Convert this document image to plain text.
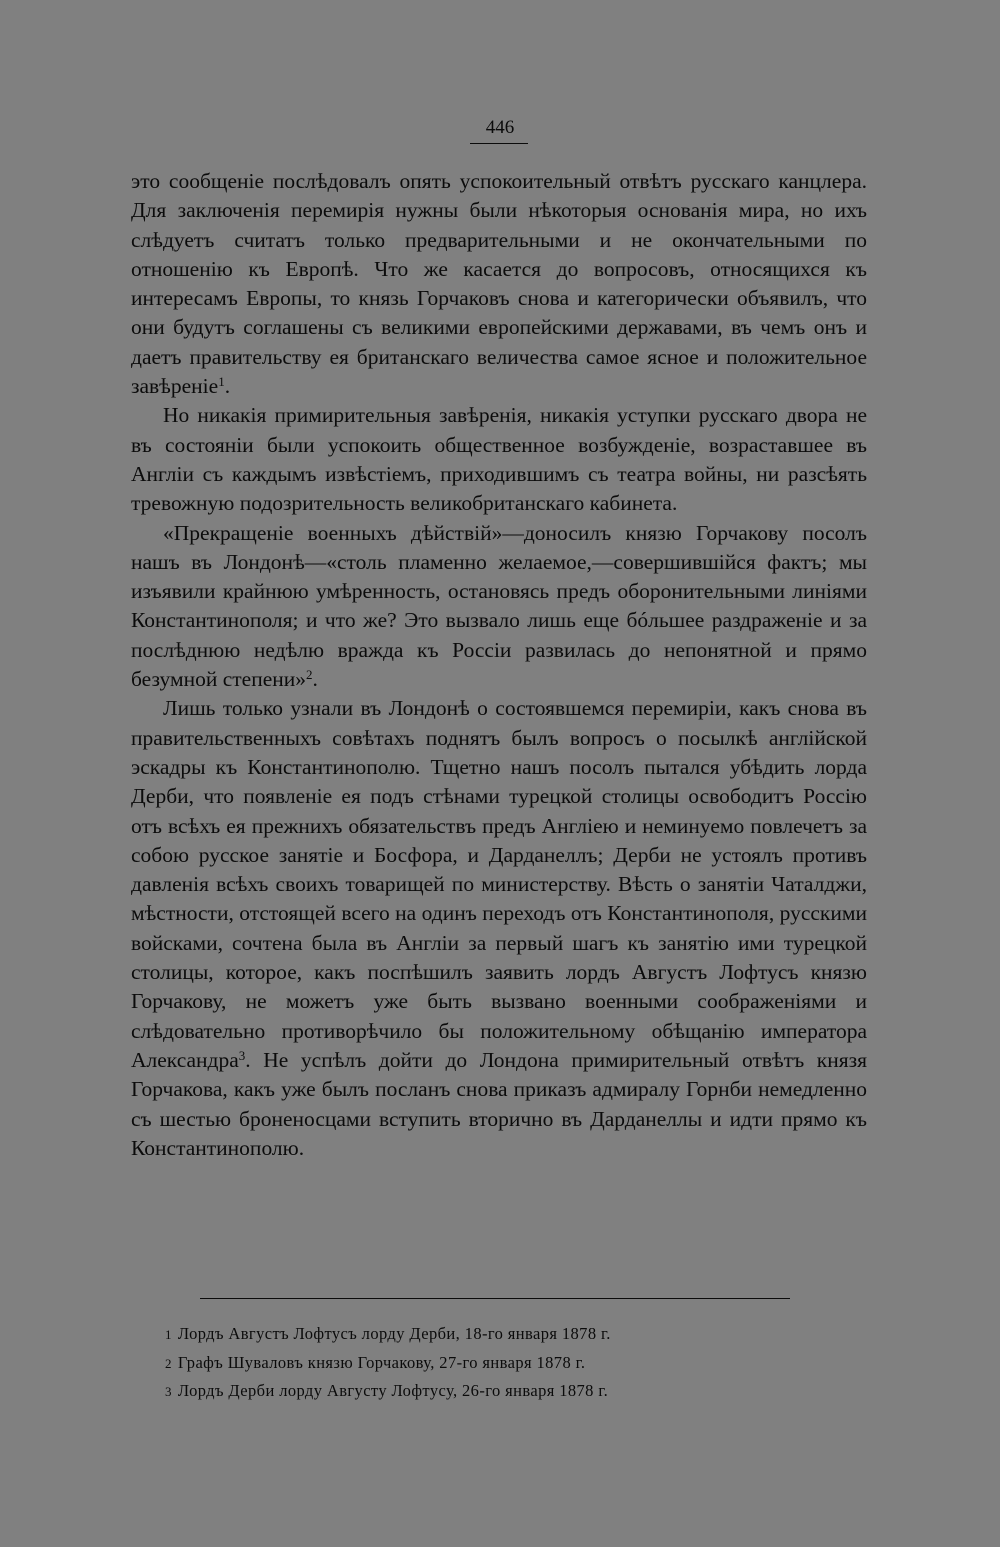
446

это сообщеніе послѣдовалъ опять успокоительный отвѣтъ русскаго канцлера. Для заключенія перемирія нужны были нѣкоторыя основанія мира, но ихъ слѣдуетъ считатъ только предварительными и не окончательными по отношенію къ Европѣ. Что же касается до вопросовъ, относящихся къ интересамъ Европы, то князь Горчаковъ снова и категорически объявилъ, что они будутъ соглашены съ великими европейскими державами, въ чемъ онъ и даетъ правительству ея британскаго величества самое ясное и положительное завѣреніе$^1$.

Но никакія примирительныя завѣренія, никакія уступки русскаго двора не въ состояніи были успокоить общественное возбужденіе, возраставшее въ Англіи съ каждымъ извѣстіемъ, приходившимъ съ театра войны, ни разсѣять тревожную подозрительность великобританскаго кабинета.

«Прекращеніе военныхъ дѣйствій»—доносилъ князю Горчакову посолъ нашъ въ Лондонѣ—«столь пламенно желаемое,—совершившійся фактъ; мы изъявили крайнюю умѣренность, остановясь предъ оборонительными линіями Константинополя; и что же? Это вызвало лишь еще бóльшее раздраженіе и за послѣднюю недѣлю вражда къ Россіи развилась до непонятной и прямо безумной степени»$^2$.

Лишь только узнали въ Лондонѣ о состоявшемся перемиріи, какъ снова въ правительственныхъ совѣтахъ поднятъ былъ вопросъ о посылкѣ англійской эскадры къ Константинополю. Тщетно нашъ посолъ пытался убѣдить лорда Дерби, что появленіе ея подъ стѣнами турецкой столицы освободитъ Россію отъ всѣхъ ея прежнихъ обязательствъ предъ Англіею и неминуемо повлечетъ за собою русское занятіе и Босфора, и Дарданеллъ; Дерби не устоялъ противъ давленія всѣхъ своихъ товарищей по министерству. Вѣсть о занятіи Чаталджи, мѣстности, отстоящей всего на одинъ переходъ отъ Константинополя, русскими войсками, сочтена была въ Англіи за первый шагъ къ занятію ими турецкой столицы, которое, какъ поспѣшилъ заявить лордъ Августъ Лофтусъ князю Горчакову, не можетъ уже быть вызвано военными соображеніями и слѣдовательно противорѣчило бы положительному обѣщанію императора Александра$^3$. Не успѣлъ дойти до Лондона примирительный отвѣтъ князя Горчакова, какъ уже былъ посланъ снова приказъ адмиралу Горнби немедленно съ шестью броненосцами вступить вторично въ Дарданеллы и идти прямо къ Константинополю.

1 Лордъ Августъ Лофтусъ лорду Дерби, 18-го января 1878 г.
2 Графъ Шуваловъ князю Горчакову, 27-го января 1878 г.
3 Лордъ Дерби лорду Августу Лофтусу, 26-го января 1878 г.
